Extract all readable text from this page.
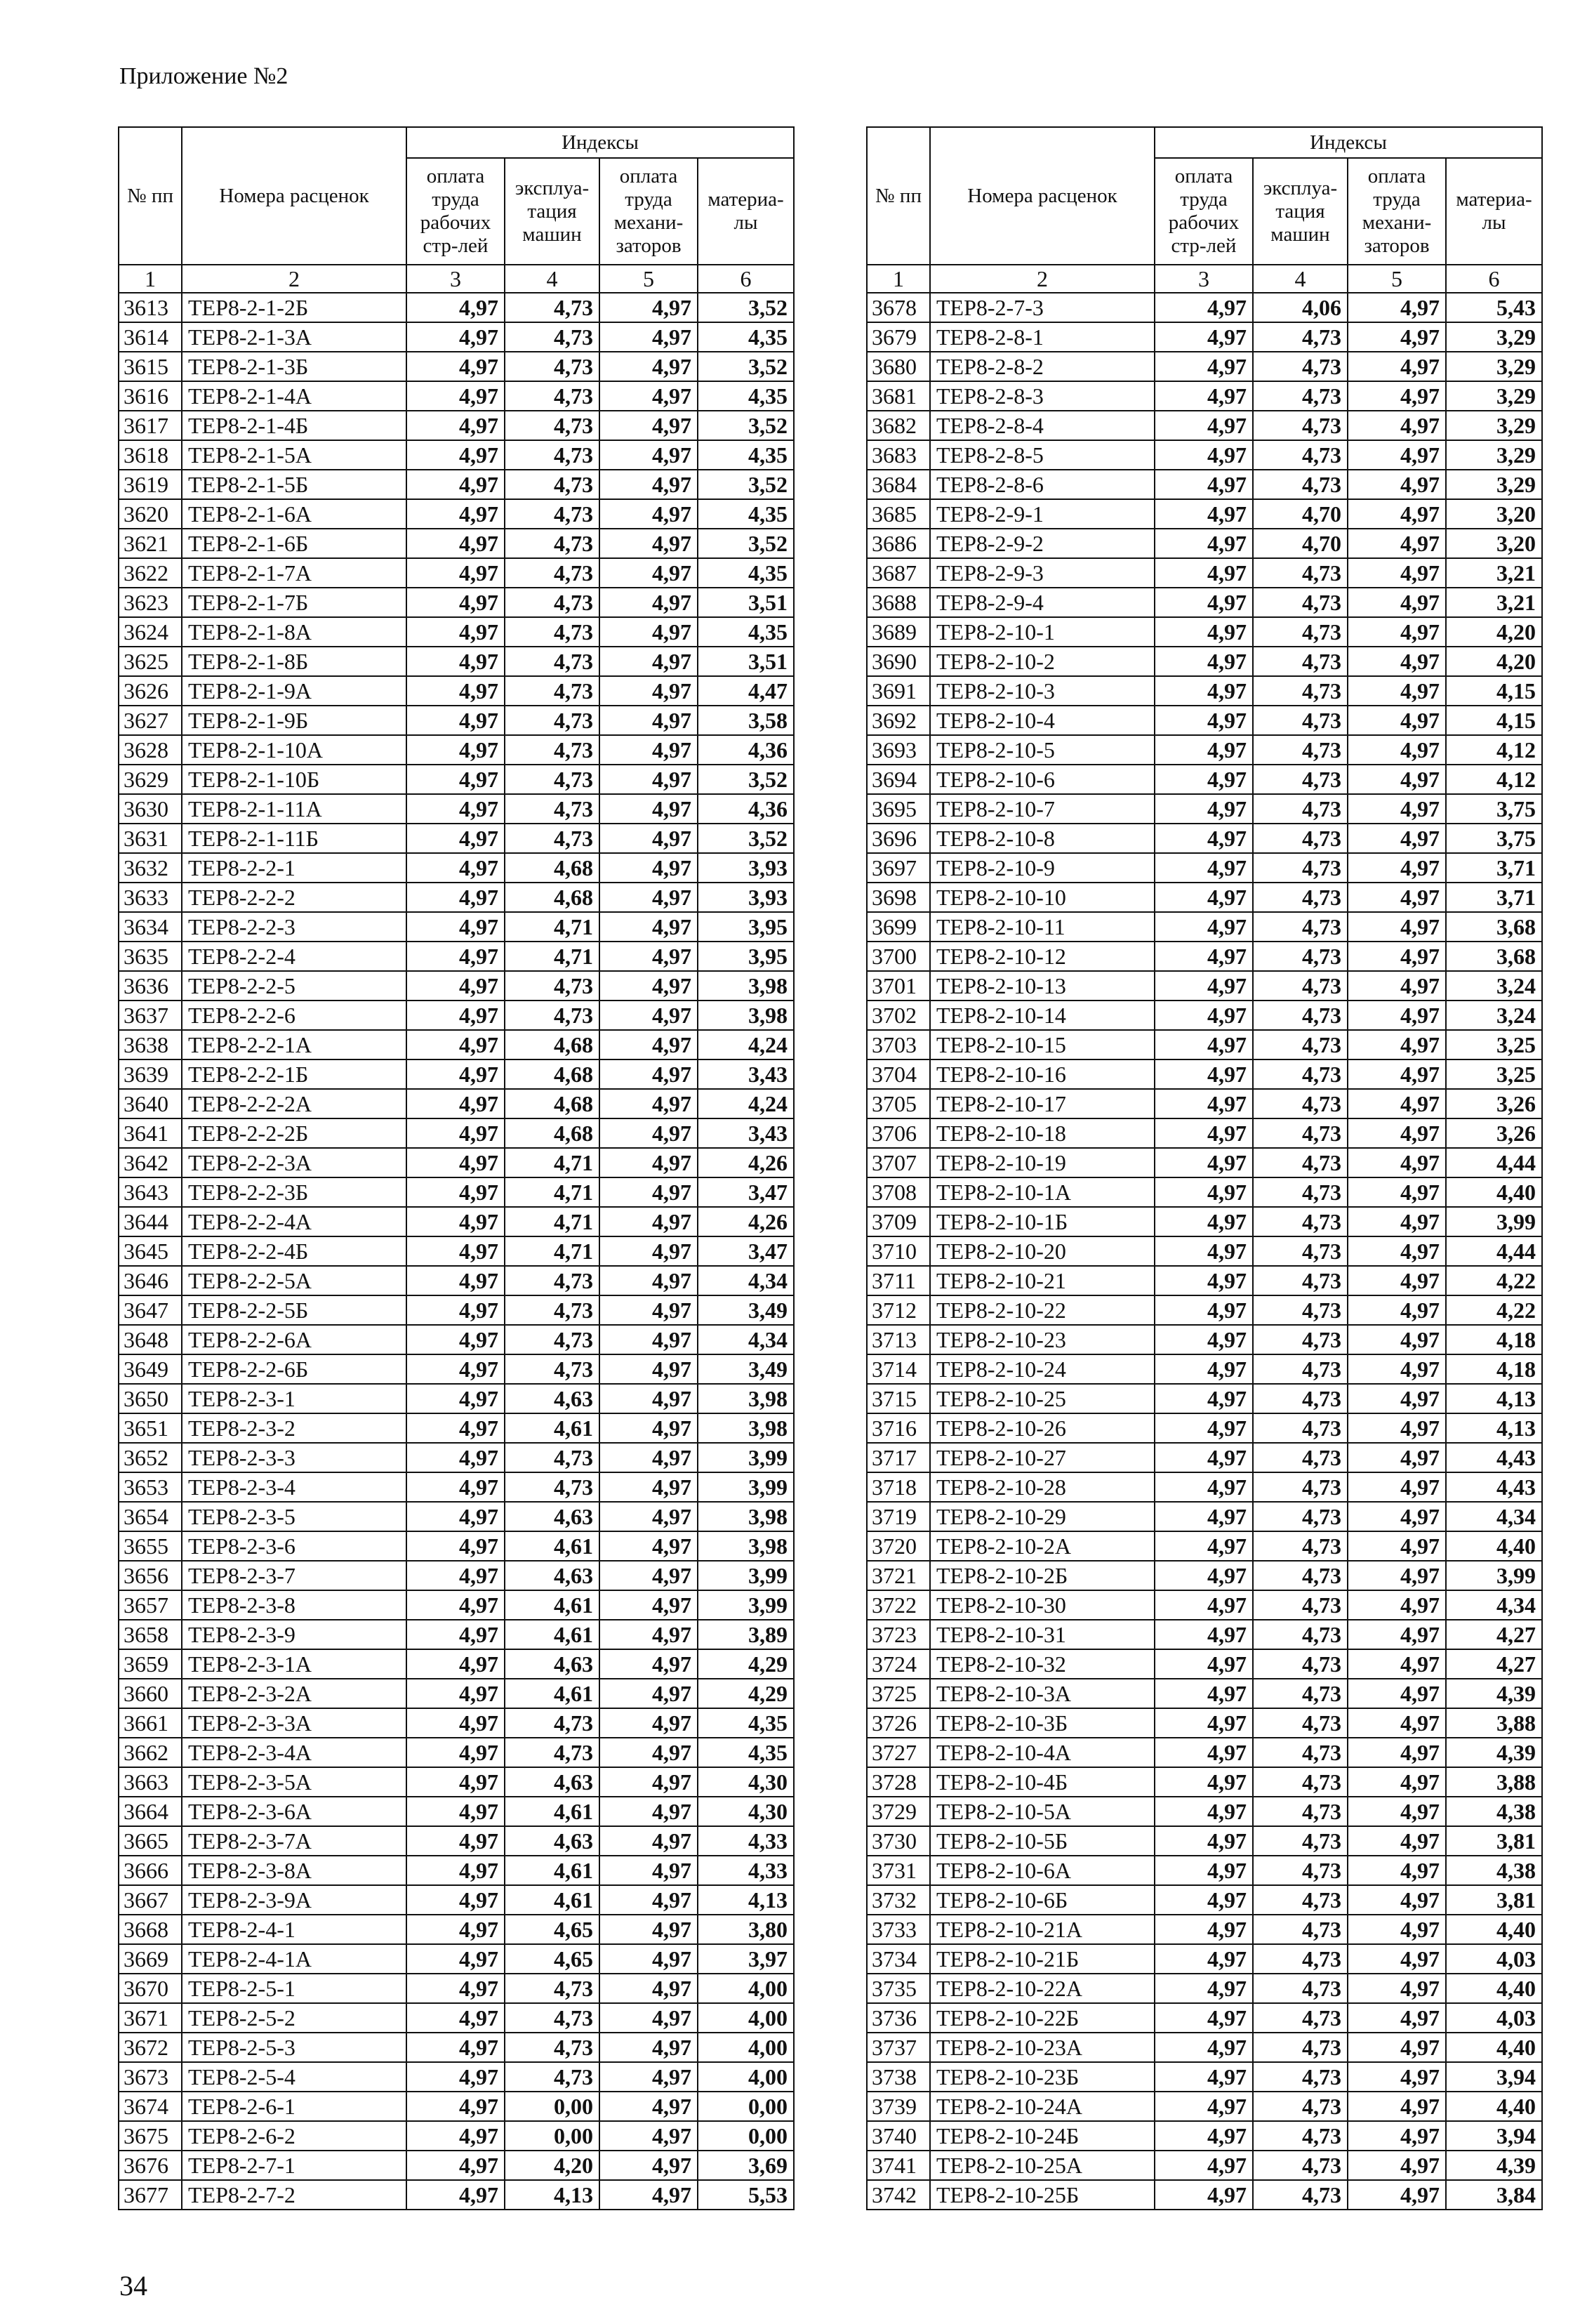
Приложение №2
№ пп	Номера расценок	Индексы			
		оплата труда рабочих стр-лей	эксплуа-тация машин	оплата труда механи-заторов	материа-лы
1	2	3	4	5	6
3613	ТЕР8-2-1-2Б	4,97	4,73	4,97	3,52
3614	ТЕР8-2-1-3А	4,97	4,73	4,97	4,35
3615	ТЕР8-2-1-3Б	4,97	4,73	4,97	3,52
3616	ТЕР8-2-1-4А	4,97	4,73	4,97	4,35
3617	ТЕР8-2-1-4Б	4,97	4,73	4,97	3,52
3618	ТЕР8-2-1-5А	4,97	4,73	4,97	4,35
3619	ТЕР8-2-1-5Б	4,97	4,73	4,97	3,52
3620	ТЕР8-2-1-6А	4,97	4,73	4,97	4,35
3621	ТЕР8-2-1-6Б	4,97	4,73	4,97	3,52
3622	ТЕР8-2-1-7А	4,97	4,73	4,97	4,35
3623	ТЕР8-2-1-7Б	4,97	4,73	4,97	3,51
3624	ТЕР8-2-1-8А	4,97	4,73	4,97	4,35
3625	ТЕР8-2-1-8Б	4,97	4,73	4,97	3,51
3626	ТЕР8-2-1-9А	4,97	4,73	4,97	4,47
3627	ТЕР8-2-1-9Б	4,97	4,73	4,97	3,58
3628	ТЕР8-2-1-10А	4,97	4,73	4,97	4,36
3629	ТЕР8-2-1-10Б	4,97	4,73	4,97	3,52
3630	ТЕР8-2-1-11А	4,97	4,73	4,97	4,36
3631	ТЕР8-2-1-11Б	4,97	4,73	4,97	3,52
3632	ТЕР8-2-2-1	4,97	4,68	4,97	3,93
3633	ТЕР8-2-2-2	4,97	4,68	4,97	3,93
3634	ТЕР8-2-2-3	4,97	4,71	4,97	3,95
3635	ТЕР8-2-2-4	4,97	4,71	4,97	3,95
3636	ТЕР8-2-2-5	4,97	4,73	4,97	3,98
3637	ТЕР8-2-2-6	4,97	4,73	4,97	3,98
3638	ТЕР8-2-2-1А	4,97	4,68	4,97	4,24
3639	ТЕР8-2-2-1Б	4,97	4,68	4,97	3,43
3640	ТЕР8-2-2-2А	4,97	4,68	4,97	4,24
3641	ТЕР8-2-2-2Б	4,97	4,68	4,97	3,43
3642	ТЕР8-2-2-3А	4,97	4,71	4,97	4,26
3643	ТЕР8-2-2-3Б	4,97	4,71	4,97	3,47
3644	ТЕР8-2-2-4А	4,97	4,71	4,97	4,26
3645	ТЕР8-2-2-4Б	4,97	4,71	4,97	3,47
3646	ТЕР8-2-2-5А	4,97	4,73	4,97	4,34
3647	ТЕР8-2-2-5Б	4,97	4,73	4,97	3,49
3648	ТЕР8-2-2-6А	4,97	4,73	4,97	4,34
3649	ТЕР8-2-2-6Б	4,97	4,73	4,97	3,49
3650	ТЕР8-2-3-1	4,97	4,63	4,97	3,98
3651	ТЕР8-2-3-2	4,97	4,61	4,97	3,98
3652	ТЕР8-2-3-3	4,97	4,73	4,97	3,99
3653	ТЕР8-2-3-4	4,97	4,73	4,97	3,99
3654	ТЕР8-2-3-5	4,97	4,63	4,97	3,98
3655	ТЕР8-2-3-6	4,97	4,61	4,97	3,98
3656	ТЕР8-2-3-7	4,97	4,63	4,97	3,99
3657	ТЕР8-2-3-8	4,97	4,61	4,97	3,99
3658	ТЕР8-2-3-9	4,97	4,61	4,97	3,89
3659	ТЕР8-2-3-1А	4,97	4,63	4,97	4,29
3660	ТЕР8-2-3-2А	4,97	4,61	4,97	4,29
3661	ТЕР8-2-3-3А	4,97	4,73	4,97	4,35
3662	ТЕР8-2-3-4А	4,97	4,73	4,97	4,35
3663	ТЕР8-2-3-5А	4,97	4,63	4,97	4,30
3664	ТЕР8-2-3-6А	4,97	4,61	4,97	4,30
3665	ТЕР8-2-3-7А	4,97	4,63	4,97	4,33
3666	ТЕР8-2-3-8А	4,97	4,61	4,97	4,33
3667	ТЕР8-2-3-9А	4,97	4,61	4,97	4,13
3668	ТЕР8-2-4-1	4,97	4,65	4,97	3,80
3669	ТЕР8-2-4-1А	4,97	4,65	4,97	3,97
3670	ТЕР8-2-5-1	4,97	4,73	4,97	4,00
3671	ТЕР8-2-5-2	4,97	4,73	4,97	4,00
3672	ТЕР8-2-5-3	4,97	4,73	4,97	4,00
3673	ТЕР8-2-5-4	4,97	4,73	4,97	4,00
3674	ТЕР8-2-6-1	4,97	0,00	4,97	0,00
3675	ТЕР8-2-6-2	4,97	0,00	4,97	0,00
3676	ТЕР8-2-7-1	4,97	4,20	4,97	3,69
3677	ТЕР8-2-7-2	4,97	4,13	4,97	5,53
№ пп	Номера расценок	Индексы			
		оплата труда рабочих стр-лей	эксплуа-тация машин	оплата труда механи-заторов	материа-лы
1	2	3	4	5	6
3678	ТЕР8-2-7-3	4,97	4,06	4,97	5,43
3679	ТЕР8-2-8-1	4,97	4,73	4,97	3,29
3680	ТЕР8-2-8-2	4,97	4,73	4,97	3,29
3681	ТЕР8-2-8-3	4,97	4,73	4,97	3,29
3682	ТЕР8-2-8-4	4,97	4,73	4,97	3,29
3683	ТЕР8-2-8-5	4,97	4,73	4,97	3,29
3684	ТЕР8-2-8-6	4,97	4,73	4,97	3,29
3685	ТЕР8-2-9-1	4,97	4,70	4,97	3,20
3686	ТЕР8-2-9-2	4,97	4,70	4,97	3,20
3687	ТЕР8-2-9-3	4,97	4,73	4,97	3,21
3688	ТЕР8-2-9-4	4,97	4,73	4,97	3,21
3689	ТЕР8-2-10-1	4,97	4,73	4,97	4,20
3690	ТЕР8-2-10-2	4,97	4,73	4,97	4,20
3691	ТЕР8-2-10-3	4,97	4,73	4,97	4,15
3692	ТЕР8-2-10-4	4,97	4,73	4,97	4,15
3693	ТЕР8-2-10-5	4,97	4,73	4,97	4,12
3694	ТЕР8-2-10-6	4,97	4,73	4,97	4,12
3695	ТЕР8-2-10-7	4,97	4,73	4,97	3,75
3696	ТЕР8-2-10-8	4,97	4,73	4,97	3,75
3697	ТЕР8-2-10-9	4,97	4,73	4,97	3,71
3698	ТЕР8-2-10-10	4,97	4,73	4,97	3,71
3699	ТЕР8-2-10-11	4,97	4,73	4,97	3,68
3700	ТЕР8-2-10-12	4,97	4,73	4,97	3,68
3701	ТЕР8-2-10-13	4,97	4,73	4,97	3,24
3702	ТЕР8-2-10-14	4,97	4,73	4,97	3,24
3703	ТЕР8-2-10-15	4,97	4,73	4,97	3,25
3704	ТЕР8-2-10-16	4,97	4,73	4,97	3,25
3705	ТЕР8-2-10-17	4,97	4,73	4,97	3,26
3706	ТЕР8-2-10-18	4,97	4,73	4,97	3,26
3707	ТЕР8-2-10-19	4,97	4,73	4,97	4,44
3708	ТЕР8-2-10-1А	4,97	4,73	4,97	4,40
3709	ТЕР8-2-10-1Б	4,97	4,73	4,97	3,99
3710	ТЕР8-2-10-20	4,97	4,73	4,97	4,44
3711	ТЕР8-2-10-21	4,97	4,73	4,97	4,22
3712	ТЕР8-2-10-22	4,97	4,73	4,97	4,22
3713	ТЕР8-2-10-23	4,97	4,73	4,97	4,18
3714	ТЕР8-2-10-24	4,97	4,73	4,97	4,18
3715	ТЕР8-2-10-25	4,97	4,73	4,97	4,13
3716	ТЕР8-2-10-26	4,97	4,73	4,97	4,13
3717	ТЕР8-2-10-27	4,97	4,73	4,97	4,43
3718	ТЕР8-2-10-28	4,97	4,73	4,97	4,43
3719	ТЕР8-2-10-29	4,97	4,73	4,97	4,34
3720	ТЕР8-2-10-2А	4,97	4,73	4,97	4,40
3721	ТЕР8-2-10-2Б	4,97	4,73	4,97	3,99
3722	ТЕР8-2-10-30	4,97	4,73	4,97	4,34
3723	ТЕР8-2-10-31	4,97	4,73	4,97	4,27
3724	ТЕР8-2-10-32	4,97	4,73	4,97	4,27
3725	ТЕР8-2-10-3А	4,97	4,73	4,97	4,39
3726	ТЕР8-2-10-3Б	4,97	4,73	4,97	3,88
3727	ТЕР8-2-10-4А	4,97	4,73	4,97	4,39
3728	ТЕР8-2-10-4Б	4,97	4,73	4,97	3,88
3729	ТЕР8-2-10-5А	4,97	4,73	4,97	4,38
3730	ТЕР8-2-10-5Б	4,97	4,73	4,97	3,81
3731	ТЕР8-2-10-6А	4,97	4,73	4,97	4,38
3732	ТЕР8-2-10-6Б	4,97	4,73	4,97	3,81
3733	ТЕР8-2-10-21А	4,97	4,73	4,97	4,40
3734	ТЕР8-2-10-21Б	4,97	4,73	4,97	4,03
3735	ТЕР8-2-10-22А	4,97	4,73	4,97	4,40
3736	ТЕР8-2-10-22Б	4,97	4,73	4,97	4,03
3737	ТЕР8-2-10-23А	4,97	4,73	4,97	4,40
3738	ТЕР8-2-10-23Б	4,97	4,73	4,97	3,94
3739	ТЕР8-2-10-24А	4,97	4,73	4,97	4,40
3740	ТЕР8-2-10-24Б	4,97	4,73	4,97	3,94
3741	ТЕР8-2-10-25А	4,97	4,73	4,97	4,39
3742	ТЕР8-2-10-25Б	4,97	4,73	4,97	3,84
34
